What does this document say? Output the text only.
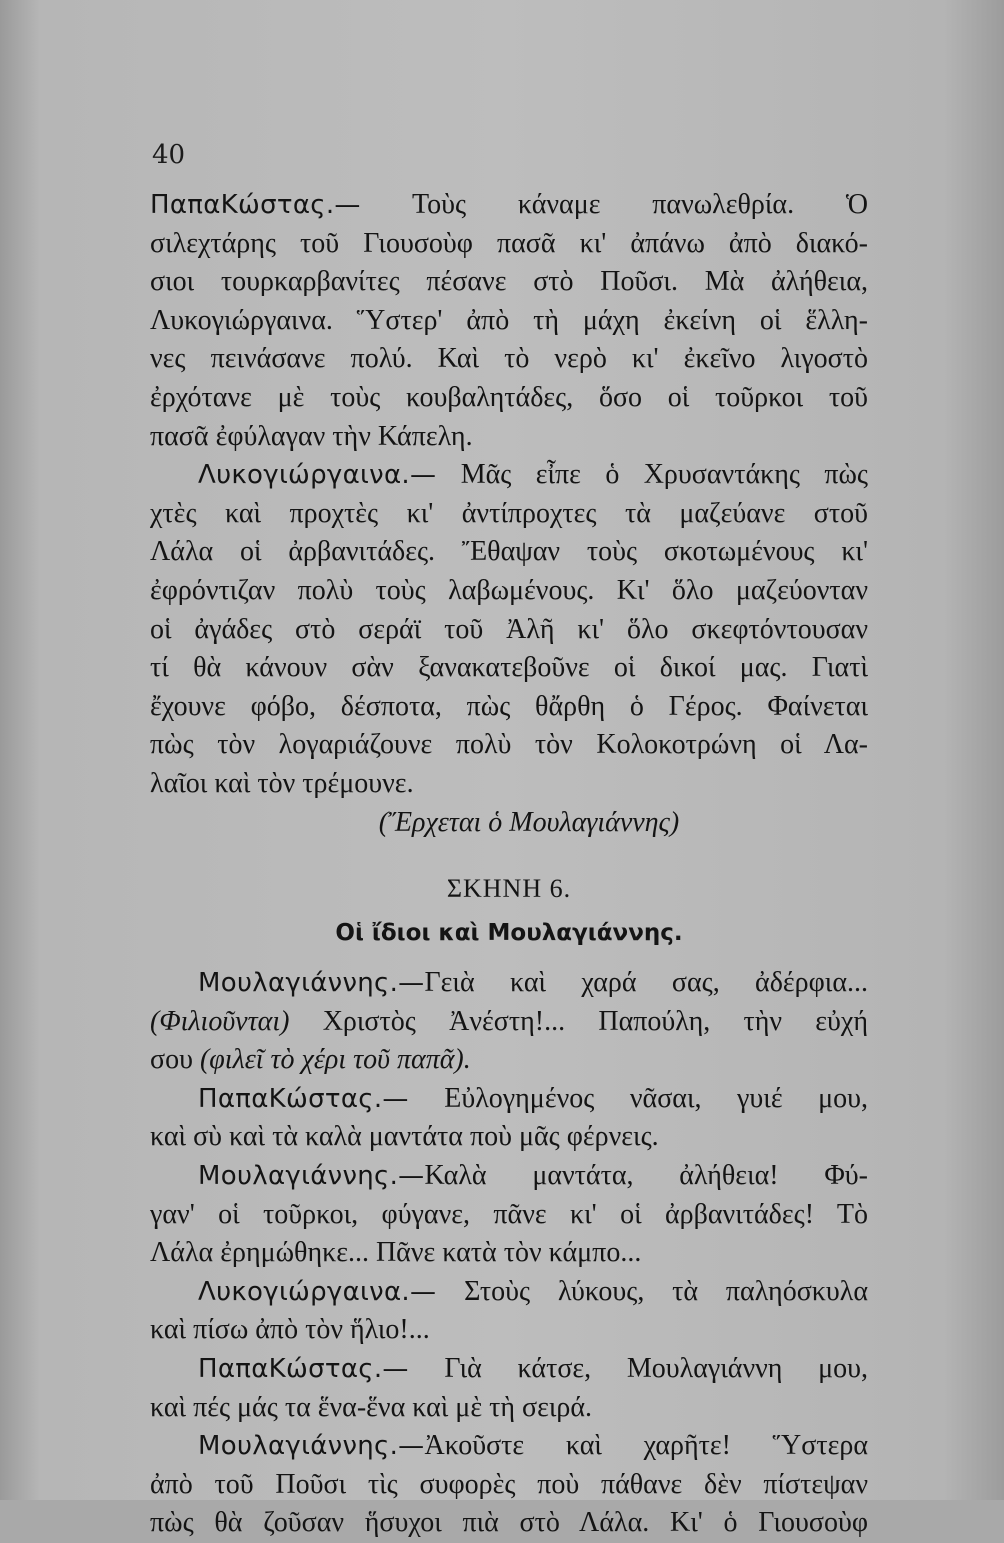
40
ΠαπαΚώστας.— Τοὺς κάναμε πανωλεθρία. Ὁ
σιλεχτάρης τοῦ Γιουσοὺφ πασᾶ κι' ἀπάνω ἀπὸ διακό-
σιοι τουρκαρβανίτες πέσανε στὸ Ποῦσι. Μὰ ἀλήθεια,
Λυκογιώργαινα. Ὕστερ' ἀπὸ τὴ μάχη ἐκείνη οἱ ἕλλη-
νες πεινάσανε πολύ. Καὶ τὸ νερὸ κι' ἐκεῖνο λιγοστὸ
ἐρχότανε μὲ τοὺς κουβαλητάδες, ὅσο οἱ τοῦρκοι τοῦ
πασᾶ ἐφύλαγαν τὴν Κάπελη.
Λυκογιώργαινα.— Μᾶς εἶπε ὁ Χρυσαντάκης πὼς
χτὲς καὶ προχτὲς κι' ἀντίπροχτες τὰ μαζεύανε στοῦ
Λάλα οἱ ἀρβανιτάδες. Ἔθαψαν τοὺς σκοτωμένους κι'
ἐφρόντιζαν πολὺ τοὺς λαβωμένους. Κι' ὅλο μαζεύονταν
οἱ ἀγάδες στὸ σεράϊ τοῦ Ἀλῆ κι' ὅλο σκεφτόντουσαν
τί θὰ κάνουν σὰν ξανακατεβοῦνε οἱ δικοί μας. Γιατὶ
ἔχουνε φόβο, δέσποτα, πὼς θἄρθη ὁ Γέρος. Φαίνεται
πὼς τὸν λογαριάζουνε πολὺ τὸν Κολοκοτρώνη οἱ Λα-
λαῖοι καὶ τὸν τρέμουνε.
(Ἔρχεται ὁ Μουλαγιάννης)
ΣΚΗΝΗ 6.
Οἱ ἴδιοι καὶ Μουλαγιάννης.
Μουλαγιάννης.—Γειὰ καὶ χαρά σας, ἀδέρφια...
(Φιλιοῦνται) Χριστὸς Ἀνέστη!... Παπούλη, τὴν εὐχή
σου (φιλεῖ τὸ χέρι τοῦ παπᾶ).
ΠαπαΚώστας.— Εὐλογημένος νᾶσαι, γυιέ μου,
καὶ σὺ καὶ τὰ καλὰ μαντάτα ποὺ μᾶς φέρνεις.
Μουλαγιάννης.—Καλὰ μαντάτα, ἀλήθεια! Φύ-
γαν' οἱ τοῦρκοι, φύγανε, πᾶνε κι' οἱ ἀρβανιτάδες! Τὸ
Λάλα ἐρημώθηκε... Πᾶνε κατὰ τὸν κάμπο...
Λυκογιώργαινα.— Στοὺς λύκους, τὰ παληόσκυλα
καὶ πίσω ἀπὸ τὸν ἥλιο!...
ΠαπαΚώστας.— Γιὰ κάτσε, Μουλαγιάννη μου,
καὶ πές μάς τα ἕνα-ἕνα καὶ μὲ τὴ σειρά.
Μουλαγιάννης.—Ἀκοῦστε καὶ χαρῆτε! Ὕστερα
ἀπὸ τοῦ Ποῦσι τὶς συφορὲς ποὺ πάθανε δὲν πίστεψαν
πὼς θὰ ζοῦσαν ἥσυχοι πιὰ στὸ Λάλα. Κι' ὁ Γιουσοὺφ
